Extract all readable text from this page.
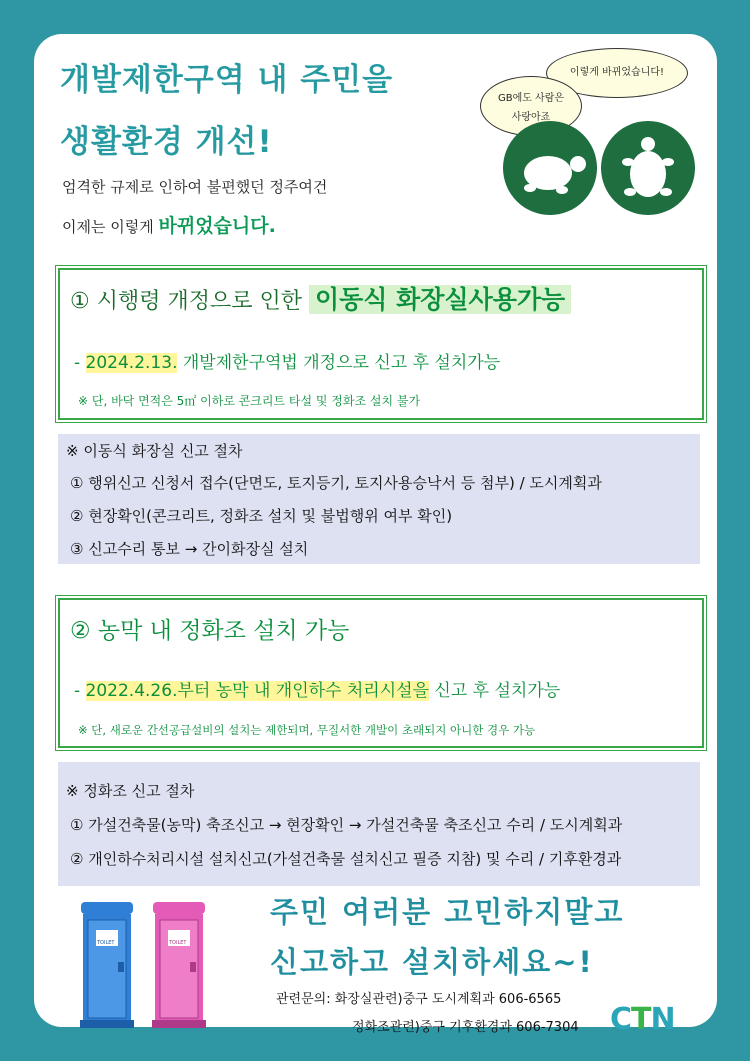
개발제한구역 내 주민을
생활환경 개선!
엄격한 규제로 인하여 불편했던 정주여건
이제는 이렇게 바뀌었습니다.
이렇게 바뀌었습니다!
GB에도 사람은
사랑아죠
① 시행령 개정으로 인한 이동식 화장실사용가능
- 2024.2.13. 개발제한구역법 개정으로 신고 후 설치가능
※ 단, 바닥 면적은 5㎡ 이하로 콘크리트 타설 및 정화조 설치 불가
※ 이동식 화장실 신고 절차
① 행위신고 신청서 접수(단면도, 토지등기, 토지사용승낙서 등 첨부) / 도시계획과
② 현장확인(콘크리트, 정화조 설치 및 불법행위 여부 확인)
③ 신고수리 통보 → 간이화장실 설치
② 농막 내 정화조 설치 가능
- 2022.4.26.부터 농막 내 개인하수 처리시설을 신고 후 설치가능
※ 단, 새로운 간선공급설비의 설치는 제한되며, 무질서한 개발이 초래되지 아니한 경우 가능
※ 정화조 신고 절차
① 가설건축물(농막) 축조신고 → 현장확인 → 가설건축물 축조신고 수리 / 도시계획과
② 개인하수처리시설 설치신고(가설건축물 설치신고 필증 지참) 및 수리 / 기후환경과
TOILET	TOILET
주민 여러분 고민하지말고
신고하고 설치하세요~!
관련문의: 화장실관련)중구 도시계획과 606-6565
정화조관련)중구 기후환경과 606-7304 CTN
